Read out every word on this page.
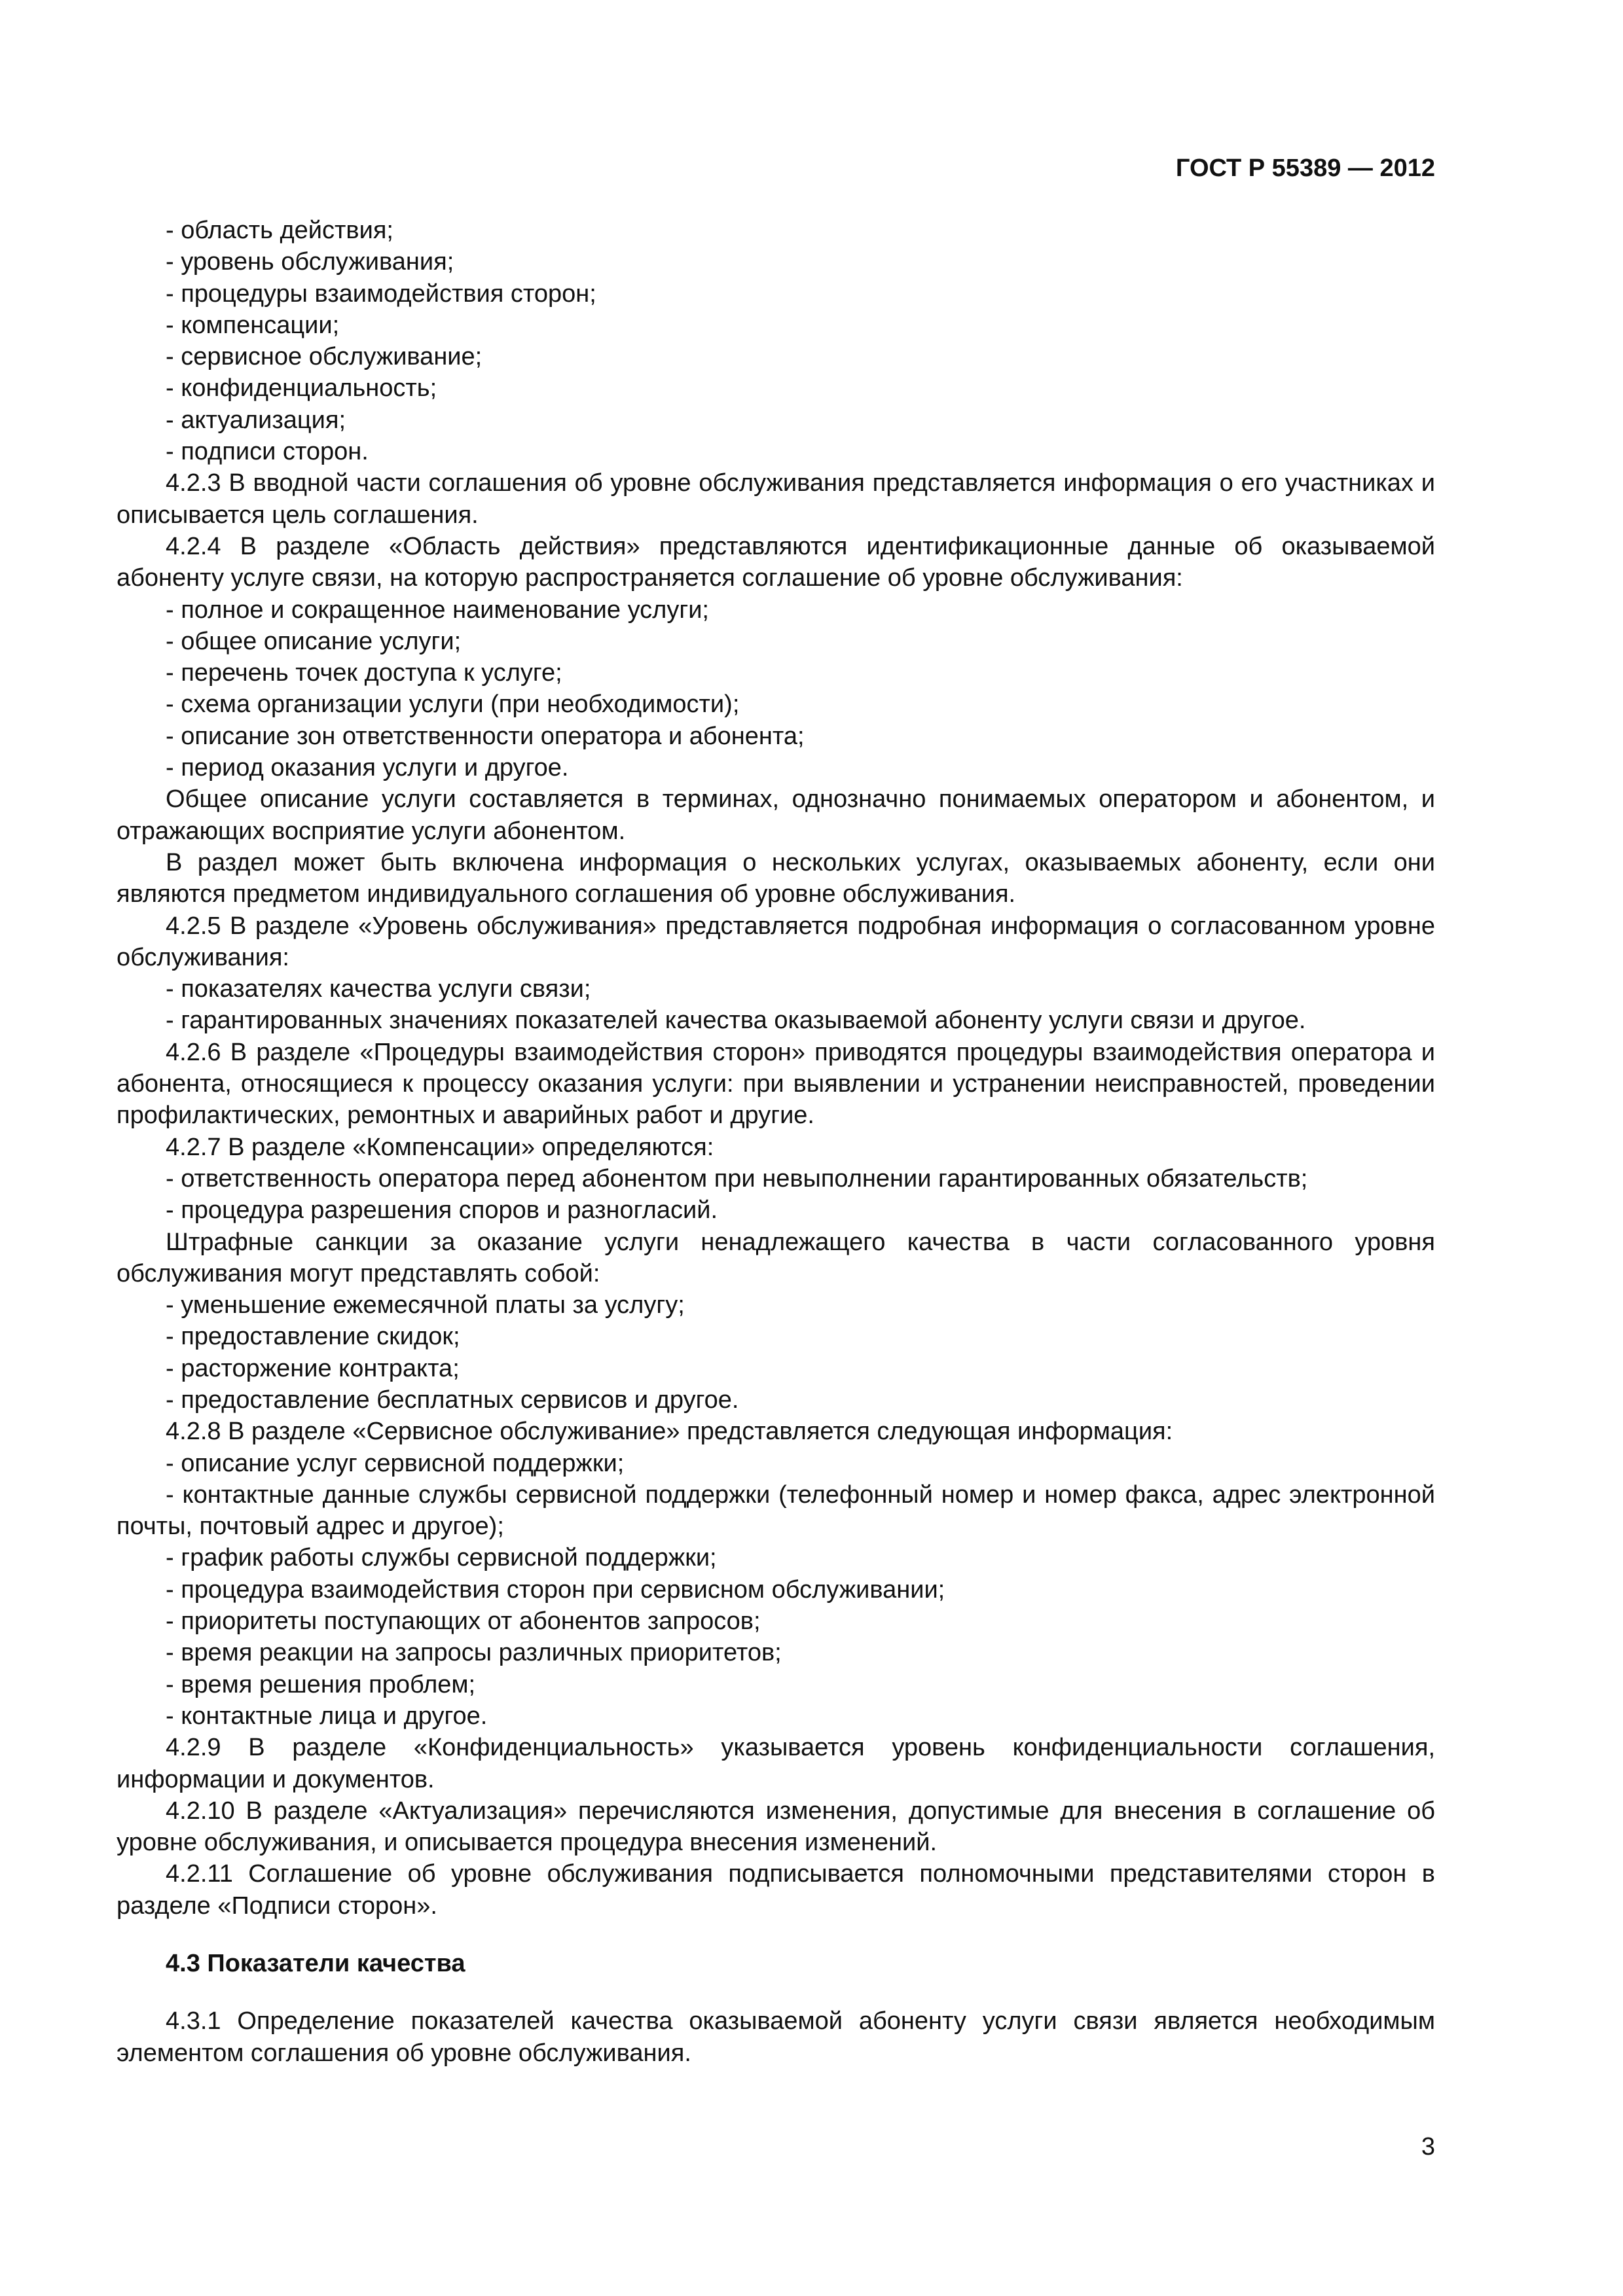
ГОСТ Р 55389 — 2012

- область действия;

- уровень обслуживания;

- процедуры взаимодействия сторон;

- компенсации;

- сервисное обслуживание;

- конфиденциальность;

- актуализация;

- подписи сторон.

4.2.3 В вводной части соглашения об уровне обслуживания представляется информация о его участниках и описывается цель соглашения.

4.2.4 В разделе «Область действия» представляются идентификационные данные об оказываемой абоненту услуге связи, на которую распространяется соглашение об уровне обслуживания:

- полное и сокращенное наименование услуги;

- общее описание услуги;

- перечень точек доступа к услуге;

- схема организации услуги (при необходимости);

- описание зон ответственности оператора и абонента;

- период оказания услуги и другое.

Общее описание услуги составляется в терминах, однозначно понимаемых оператором и абонентом, и отражающих восприятие услуги абонентом.

В раздел может быть включена информация о нескольких услугах, оказываемых абоненту, если они являются предметом индивидуального соглашения об уровне обслуживания.

4.2.5 В разделе «Уровень обслуживания» представляется подробная информация о согласованном уровне обслуживания:

- показателях качества услуги связи;

- гарантированных значениях показателей качества оказываемой абоненту услуги связи и другое.

4.2.6 В разделе «Процедуры взаимодействия сторон» приводятся процедуры взаимодействия оператора и абонента, относящиеся к процессу оказания услуги: при выявлении и устранении неисправностей, проведении профилактических, ремонтных и аварийных работ и другие.

4.2.7 В разделе «Компенсации» определяются:

- ответственность оператора перед абонентом при невыполнении гарантированных обязательств;

- процедура разрешения споров и разногласий.

Штрафные санкции за оказание услуги ненадлежащего качества в части согласованного уровня обслуживания могут представлять собой:

- уменьшение ежемесячной платы за услугу;

- предоставление скидок;

- расторжение контракта;

- предоставление бесплатных сервисов и другое.

4.2.8 В разделе «Сервисное обслуживание» представляется следующая информация:

- описание услуг сервисной поддержки;

- контактные данные службы сервисной поддержки (телефонный номер и номер факса, адрес электронной почты, почтовый адрес и другое);

- график работы службы сервисной поддержки;

- процедура взаимодействия сторон при сервисном обслуживании;

- приоритеты поступающих от абонентов запросов;

- время реакции на запросы различных приоритетов;

- время решения проблем;

- контактные лица и другое.

4.2.9 В разделе «Конфиденциальность» указывается уровень конфиденциальности соглашения, информации и документов.

4.2.10 В разделе «Актуализация» перечисляются изменения, допустимые для внесения в соглашение об уровне обслуживания, и описывается процедура внесения изменений.

4.2.11 Соглашение об уровне обслуживания подписывается полномочными представителями сторон в разделе «Подписи сторон».

4.3 Показатели качества

4.3.1 Определение показателей качества оказываемой абоненту услуги связи является необходимым элементом соглашения об уровне обслуживания.

3
